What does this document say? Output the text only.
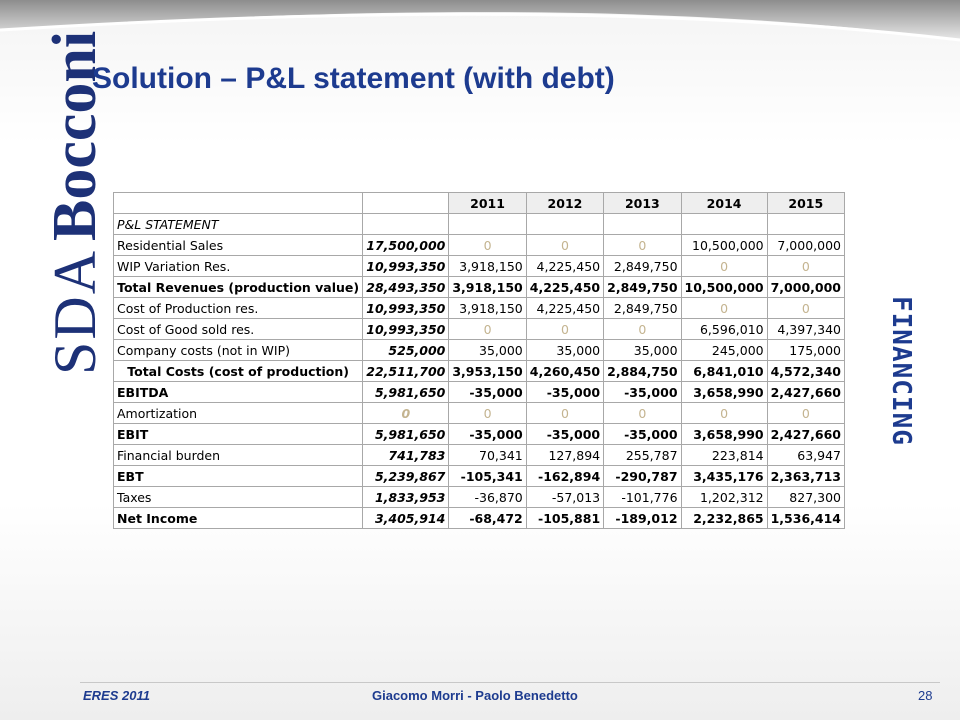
SDABocconi
Solution – P&L statement (with debt)
FINANCING
		2011	2012	2013	2014	2015
P&L STATEMENT						
Residential Sales	17,500,000	0	0	0	10,500,000	7,000,000
WIP Variation Res.	10,993,350	3,918,150	4,225,450	2,849,750	0	0
Total Revenues (production value)	28,493,350	3,918,150	4,225,450	2,849,750	10,500,000	7,000,000
Cost of Production res.	10,993,350	3,918,150	4,225,450	2,849,750	0	0
Cost of Good sold res.	10,993,350	0	0	0	6,596,010	4,397,340
Company costs (not in WIP)	525,000	35,000	35,000	35,000	245,000	175,000
Total Costs (cost of production)	22,511,700	3,953,150	4,260,450	2,884,750	6,841,010	4,572,340
EBITDA	5,981,650	-35,000	-35,000	-35,000	3,658,990	2,427,660
Amortization	0	0	0	0	0	0
EBIT	5,981,650	-35,000	-35,000	-35,000	3,658,990	2,427,660
Financial burden	741,783	70,341	127,894	255,787	223,814	63,947
EBT	5,239,867	-105,341	-162,894	-290,787	3,435,176	2,363,713
Taxes	1,833,953	-36,870	-57,013	-101,776	1,202,312	827,300
Net Income	3,405,914	-68,472	-105,881	-189,012	2,232,865	1,536,414
ERES 2011	Giacomo Morri - Paolo Benedetto	28
